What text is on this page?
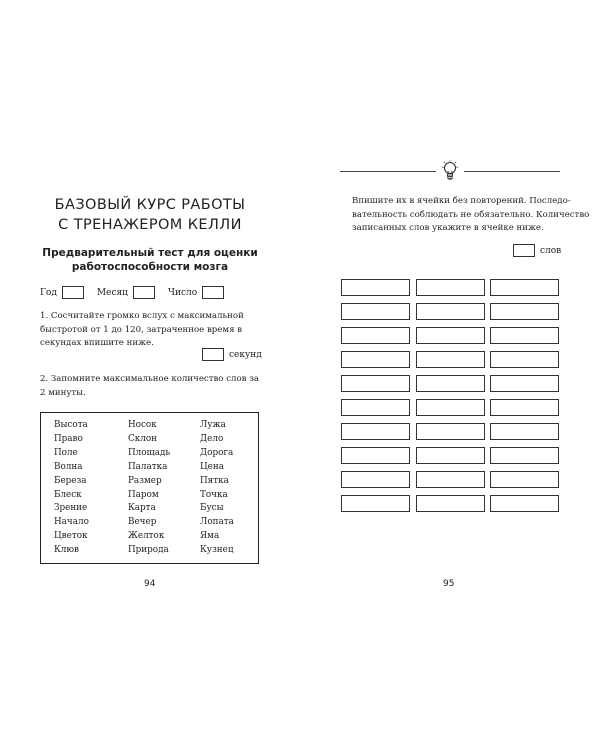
БАЗОВЫЙ КУРС РАБОТЫ
С ТРЕНАЖЕРОМ КЕЛЛИ
Предварительный тест для оценки
работоспособности мозга
Год	Месяц	Число
1. Сосчитайте громко вслух с максимальной быстротой от 1 до 120, затраченное время в секундах впишите ниже.
секунд
2. Запомните максимальное количество слов за 2 минуты.
Высота
Право
Поле
Волна
Береза
Блеск
Зрение
Начало
Цветок
Клюв
Носок
Склон
Площадь
Палатка
Размер
Паром
Карта
Вечер
Желток
Природа
Лужа
Дело
Дорога
Цена
Пятка
Точка
Бусы
Лопата
Яма
Кузнец
94
Впишите их в ячейки без повторений. Последо-
вательность соблюдать не обязательно. Количество
записанных слов укажите в ячейке ниже.
слов
95
